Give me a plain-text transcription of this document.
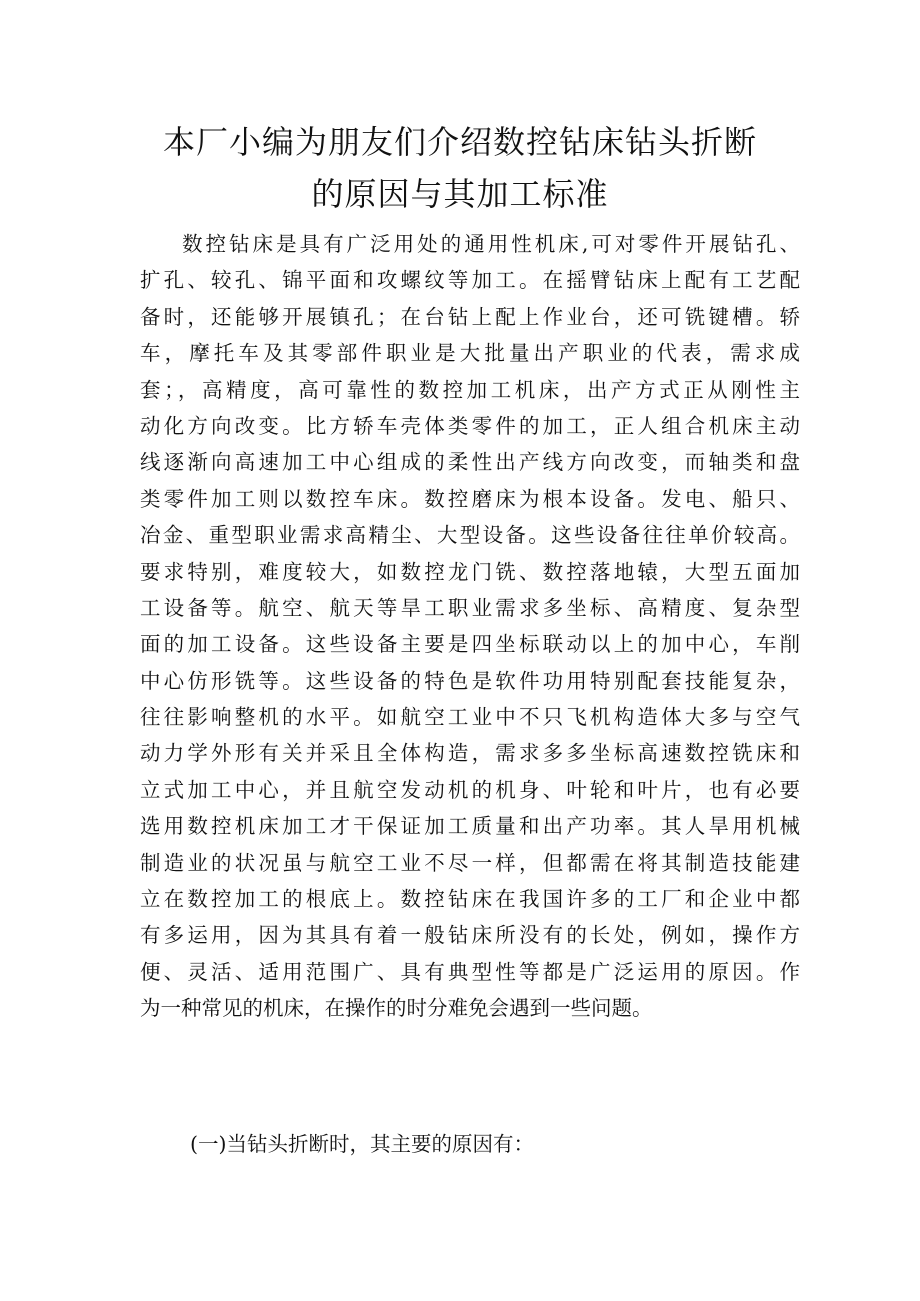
本厂小编为朋友们介绍数控钻床钻头折断
的原因与其加工标准
数控钻床是具有广泛用处的通用性机床,可对零件开展钻孔、
扩孔、较孔、锦平面和攻螺纹等加工。在摇臂钻床上配有工艺配
备时，还能够开展镇孔；在台钻上配上作业台，还可铣键槽。轿
车，摩托车及其零部件职业是大批量出产职业的代表，需求成
套；，高精度，高可靠性的数控加工机床，出产方式正从刚性主
动化方向改变。比方轿车壳体类零件的加工，正人组合机床主动
线逐渐向高速加工中心组成的柔性出产线方向改变，而轴类和盘
类零件加工则以数控车床。数控磨床为根本设备。发电、船只、
冶金、重型职业需求高精尘、大型设备。这些设备往往单价较高。
要求特别，难度较大，如数控龙门铣、数控落地辕，大型五面加
工设备等。航空、航天等旱工职业需求多坐标、高精度、复杂型
面的加工设备。这些设备主要是四坐标联动以上的加中心，车削
中心仿形铣等。这些设备的特色是软件功用特别配套技能复杂，
往往影响整机的水平。如航空工业中不只飞机构造体大多与空气
动力学外形有关并采且全体构造，需求多多坐标高速数控铣床和
立式加工中心，并且航空发动机的机身、叶轮和叶片，也有必要
选用数控机床加工才干保证加工质量和出产功率。其人旱用机械
制造业的状况虽与航空工业不尽一样，但都需在将其制造技能建
立在数控加工的根底上。数控钻床在我国许多的工厂和企业中都
有多运用，因为其具有着一般钻床所没有的长处，例如，操作方
便、灵活、适用范围广、具有典型性等都是广泛运用的原因。作
为一种常见的机床，在操作的时分难免会遇到一些问题。
(一)当钻头折断时，其主要的原因有：
